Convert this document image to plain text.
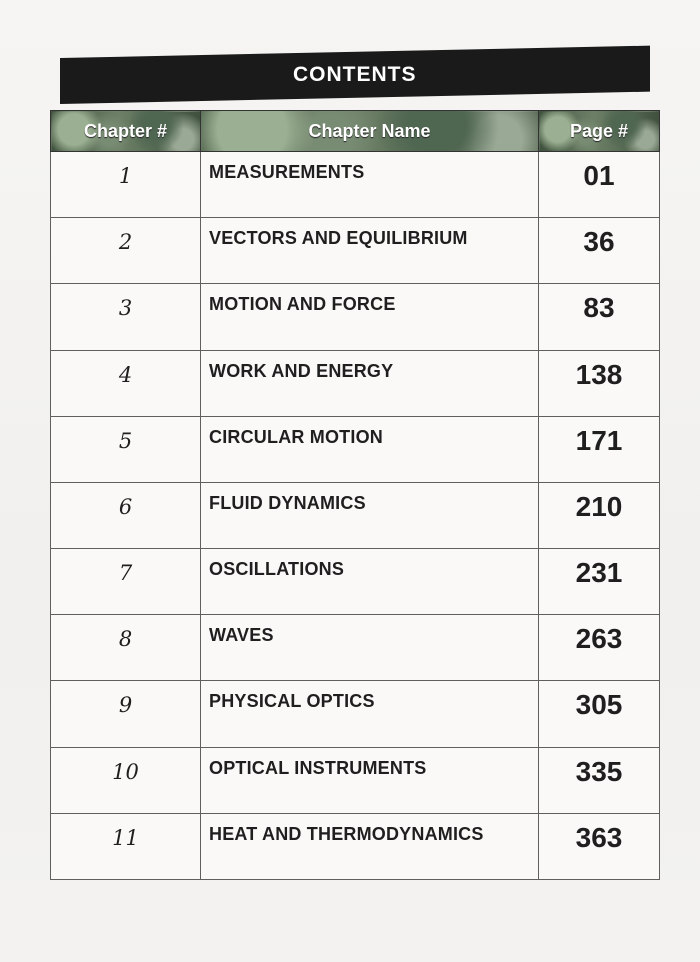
CONTENTS
Chapter #	Chapter Name	Page #
1	MEASUREMENTS	01
2	VECTORS AND EQUILIBRIUM	36
3	MOTION AND FORCE	83
4	WORK AND ENERGY	138
5	CIRCULAR MOTION	171
6	FLUID DYNAMICS	210
7	OSCILLATIONS	231
8	WAVES	263
9	PHYSICAL OPTICS	305
10	OPTICAL INSTRUMENTS	335
11	HEAT AND THERMODYNAMICS	363
